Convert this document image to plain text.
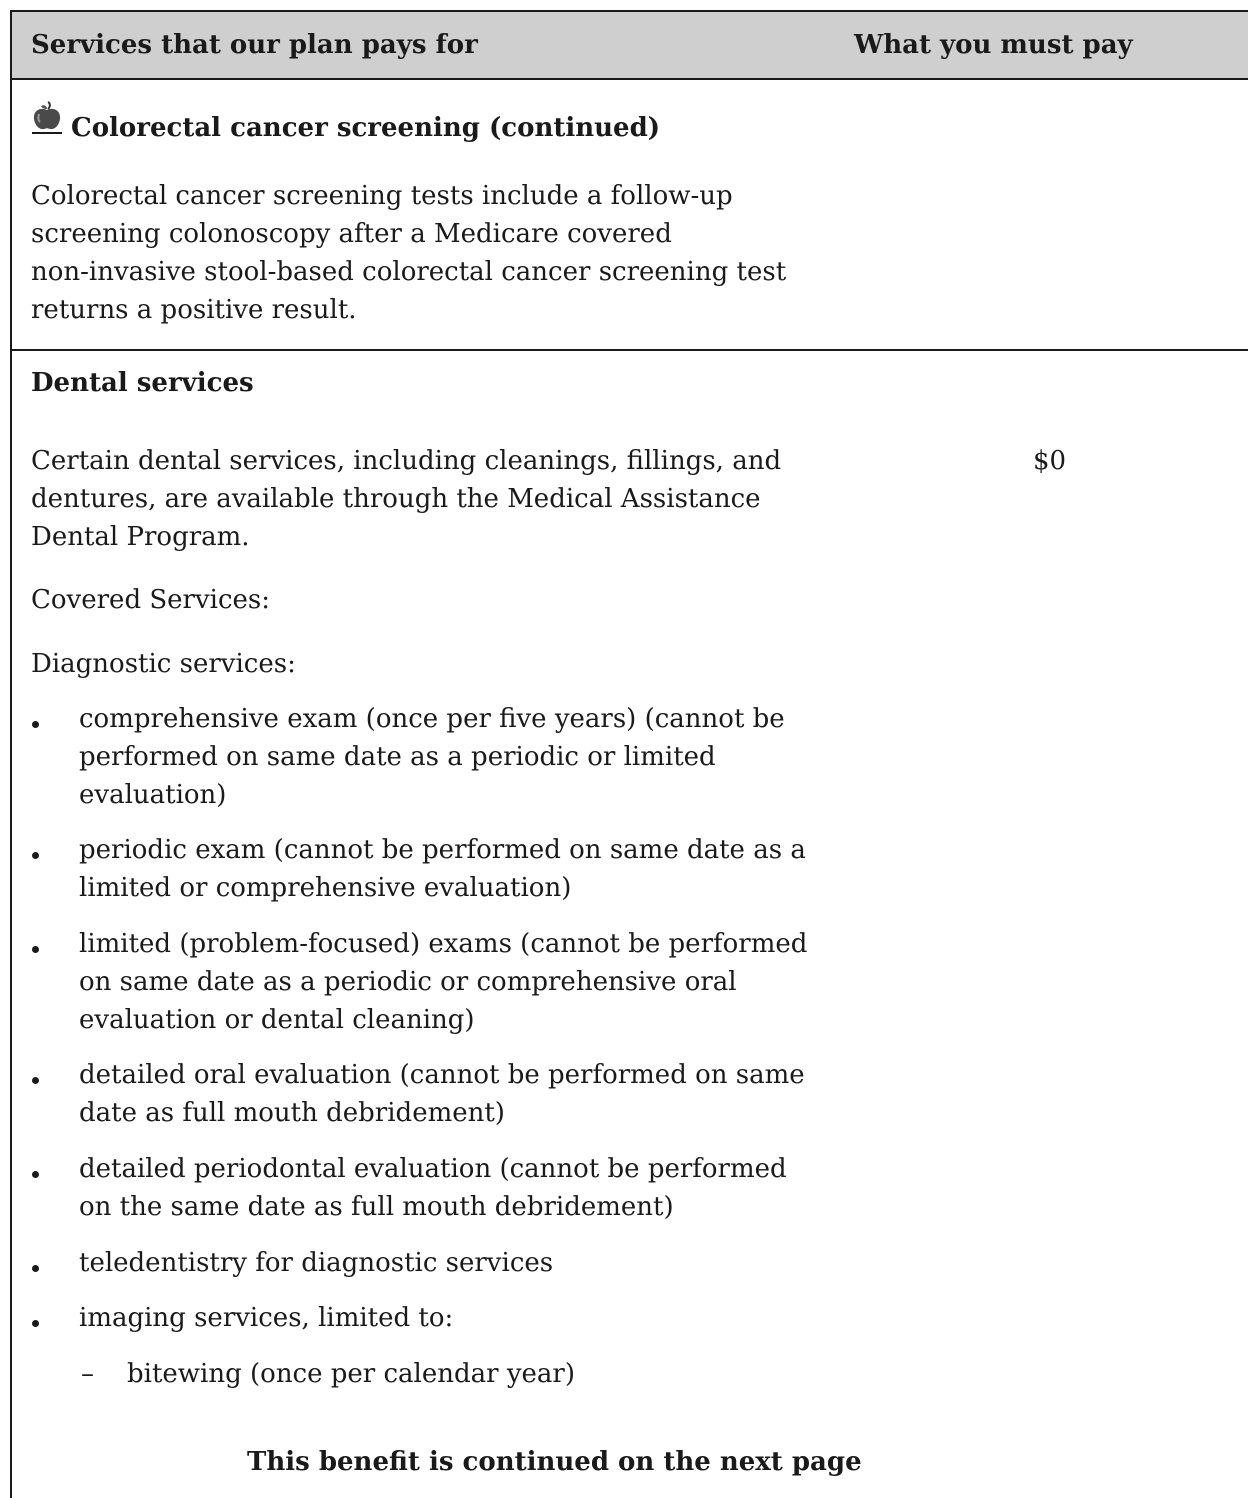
Services that our plan pays for	What you must pay
Colorectal cancer screening (continued)
Colorectal cancer screening tests include a follow-up
screening colonoscopy after a Medicare covered
non-invasive stool-based colorectal cancer screening test
returns a positive result.
Dental services
Certain dental services, including cleanings, fillings, and
dentures, are available through the Medical Assistance
Dental Program.
$0
Covered Services:
Diagnostic services:
comprehensive exam (once per five years) (cannot be
performed on same date as a periodic or limited
evaluation)
periodic exam (cannot be performed on same date as a
limited or comprehensive evaluation)
limited (problem-focused) exams (cannot be performed
on same date as a periodic or comprehensive oral
evaluation or dental cleaning)
detailed oral evaluation (cannot be performed on same
date as full mouth debridement)
detailed periodontal evaluation (cannot be performed
on the same date as full mouth debridement)
teledentistry for diagnostic services
imaging services, limited to:
– bitewing (once per calendar year)
This benefit is continued on the next page
